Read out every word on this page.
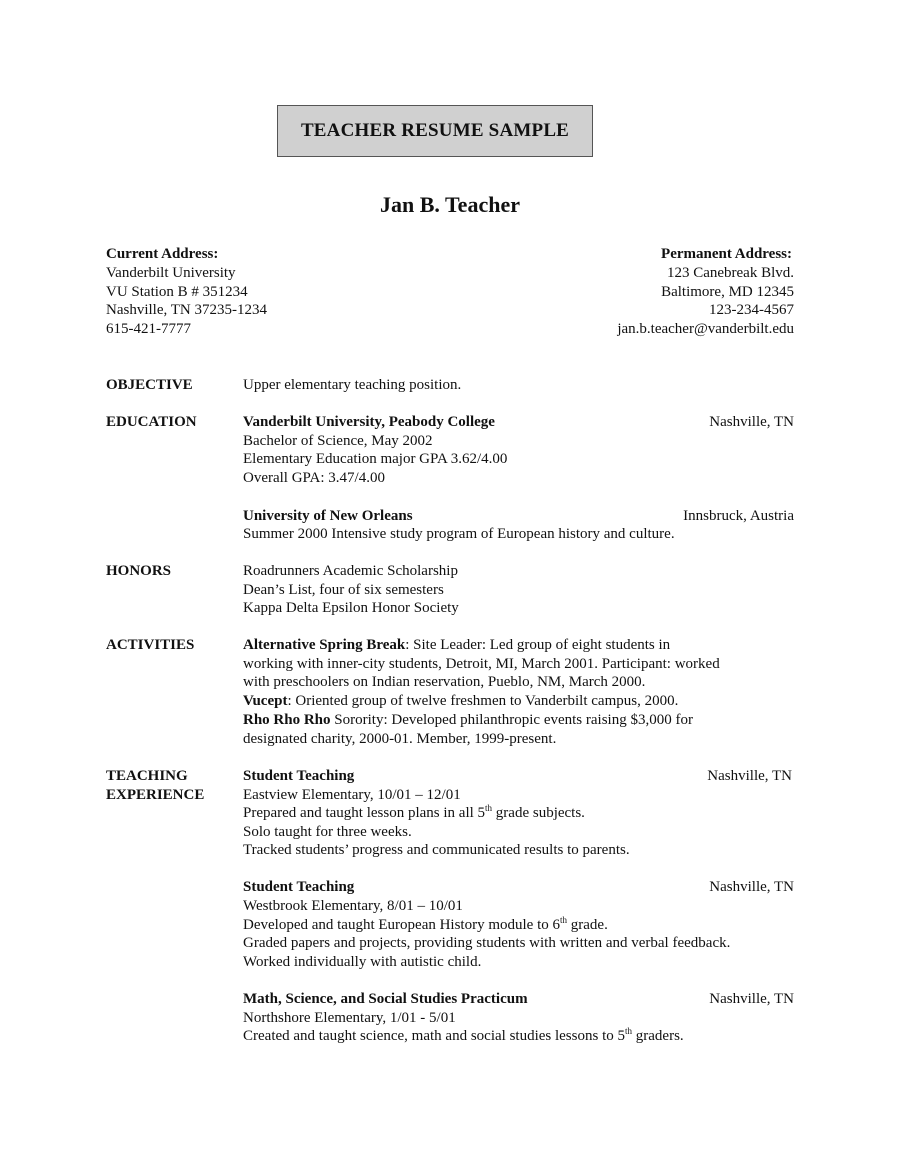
TEACHER RESUME SAMPLE
Jan B. Teacher
Current Address:
Vanderbilt University
VU Station B # 351234
Nashville, TN 37235-1234
615-421-7777
Permanent Address:
123 Canebreak Blvd.
Baltimore, MD 12345
123-234-4567
jan.b.teacher@vanderbilt.edu
OBJECTIVE	Upper elementary teaching position.
EDUCATION	Vanderbilt University, Peabody College	Nashville, TN
Bachelor of Science, May 2002
Elementary Education major GPA 3.62/4.00
Overall GPA: 3.47/4.00
University of New Orleans	Innsbruck, Austria
Summer 2000 Intensive study program of European history and culture.
HONORS	Roadrunners Academic Scholarship
Dean’s List, four of six semesters
Kappa Delta Epsilon Honor Society
ACTIVITIES	Alternative Spring Break: Site Leader: Led group of eight students in
working with inner-city students, Detroit, MI, March 2001. Participant: worked
with preschoolers on Indian reservation, Pueblo, NM, March 2000.
Vucept: Oriented group of twelve freshmen to Vanderbilt campus, 2000.
Rho Rho Rho Sorority: Developed philanthropic events raising $3,000 for
designated charity, 2000-01. Member, 1999-present.
TEACHING
EXPERIENCE
Student Teaching	Nashville, TN
Eastview Elementary, 10/01 – 12/01
Prepared and taught lesson plans in all 5th grade subjects.
Solo taught for three weeks.
Tracked students’ progress and communicated results to parents.
Student Teaching	Nashville, TN
Westbrook Elementary, 8/01 – 10/01
Developed and taught European History module to 6th grade.
Graded papers and projects, providing students with written and verbal feedback.
Worked individually with autistic child.
Math, Science, and Social Studies Practicum	Nashville, TN
Northshore Elementary, 1/01 - 5/01
Created and taught science, math and social studies lessons to 5th graders.
